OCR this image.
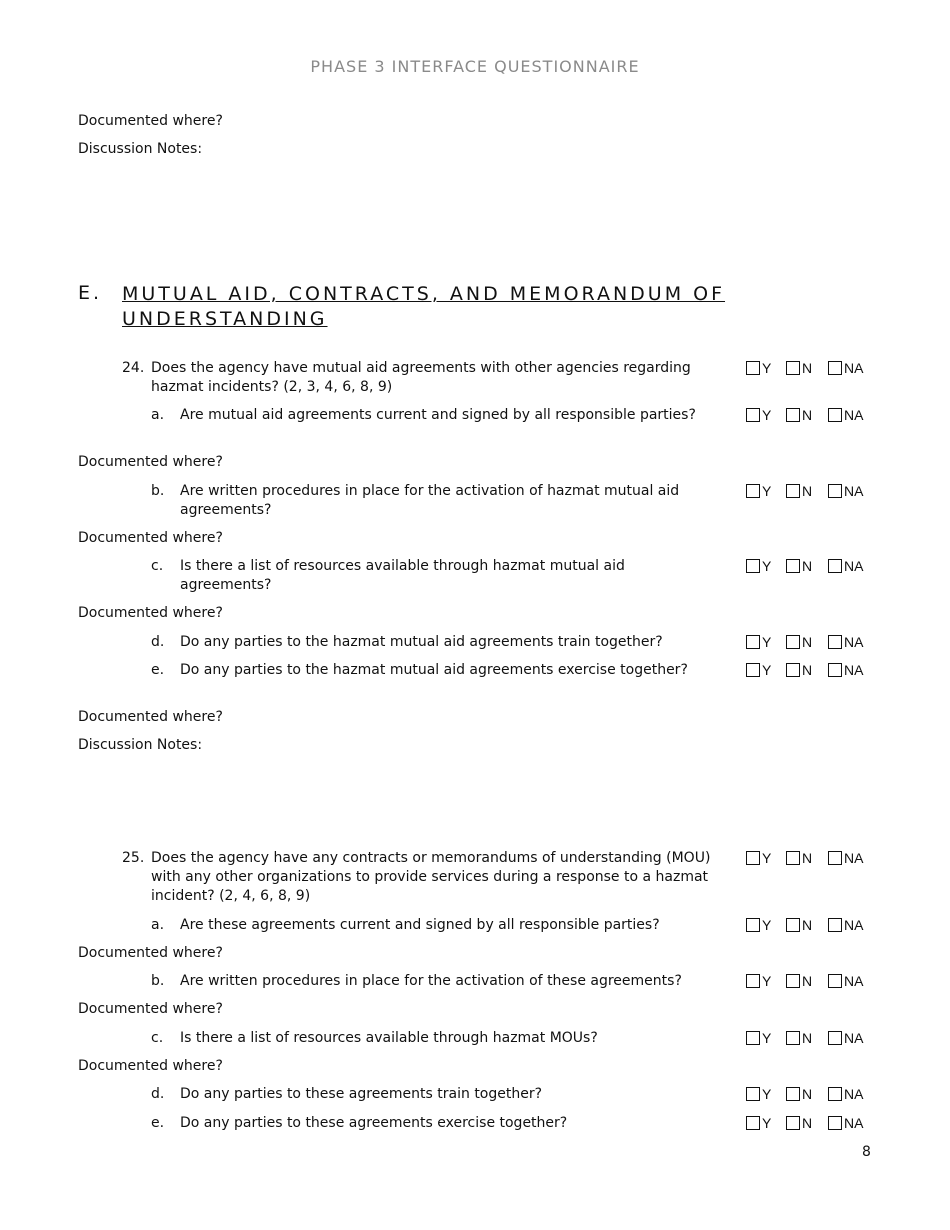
PHASE 3 INTERFACE QUESTIONNAIRE
Documented where?
Discussion Notes:
E. MUTUAL AID, CONTRACTS, AND MEMORANDUM OF UNDERSTANDING
24. Does the agency have mutual aid agreements with other agencies regarding hazmat incidents? (2, 3, 4, 6, 8, 9)
Y N NA
a. Are mutual aid agreements current and signed by all responsible parties?	Y N NA
Documented where?
b. Are written procedures in place for the activation of hazmat mutual aid agreements?
Y N NA
Documented where?
c. Is there a list of resources available through hazmat mutual aid agreements?
Y N NA
Documented where?
d. Do any parties to the hazmat mutual aid agreements train together?	Y N NA
e. Do any parties to the hazmat mutual aid agreements exercise together?	Y N NA
Documented where?
Discussion Notes:
25. Does the agency have any contracts or memorandums of understanding (MOU) with any other organizations to provide services during a response to a hazmat incident? (2, 4, 6, 8, 9)
Y N NA
a. Are these agreements current and signed by all responsible parties?	Y N NA
Documented where?
b. Are written procedures in place for the activation of these agreements?	Y N NA
Documented where?
c. Is there a list of resources available through hazmat MOUs?	Y N NA
Documented where?
d. Do any parties to these agreements train together?	Y N NA
e. Do any parties to these agreements exercise together?	Y N NA
8
